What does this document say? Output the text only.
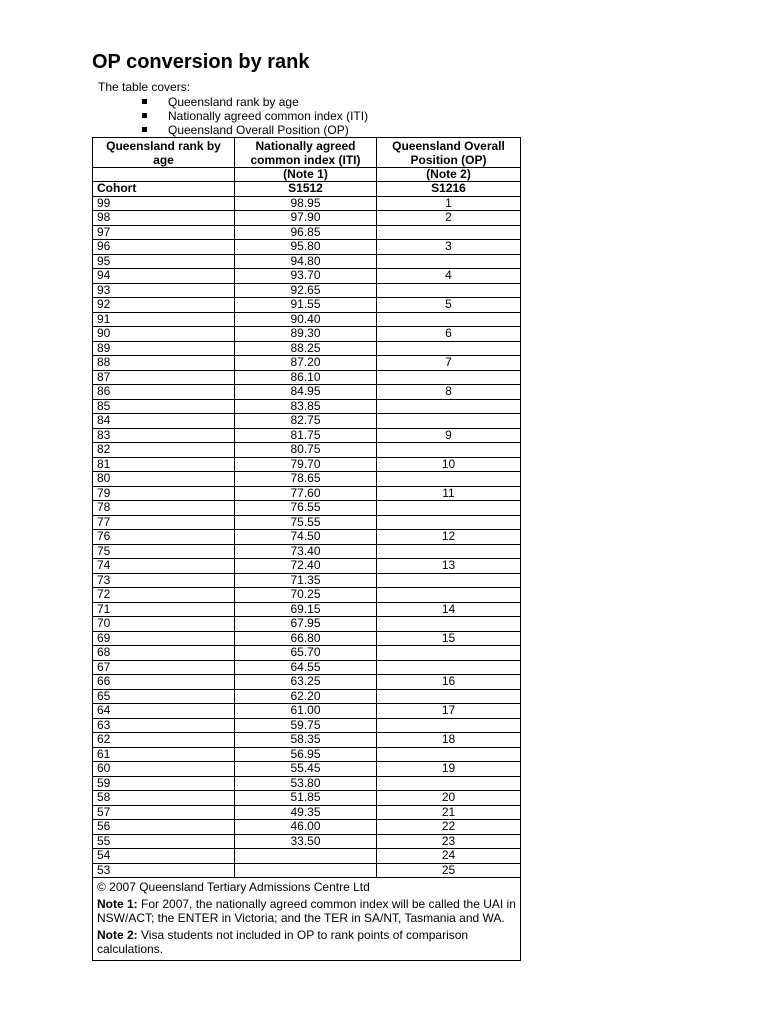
OP conversion by rank
The table covers:
Queensland rank by age
Nationally agreed common index (ITI)
Queensland Overall Position (OP)
Queensland rank by age	Nationally agreed common index (ITI)	Queensland Overall Position (OP)
	(Note 1)	(Note 2)
Cohort	S1512	S1216
99	98.95	1
98	97.90	2
97	96.85	
96	95.80	3
95	94.80	
94	93.70	4
93	92.65	
92	91.55	5
91	90.40	
90	89.30	6
89	88.25	
88	87.20	7
87	86.10	
86	84.95	8
85	83.85	
84	82.75	
83	81.75	9
82	80.75	
81	79.70	10
80	78.65	
79	77.60	11
78	76.55	
77	75.55	
76	74.50	12
75	73.40	
74	72.40	13
73	71.35	
72	70.25	
71	69.15	14
70	67.95	
69	66.80	15
68	65.70	
67	64.55	
66	63.25	16
65	62.20	
64	61.00	17
63	59.75	
62	58.35	18
61	56.95	
60	55.45	19
59	53.80	
58	51.85	20
57	49.35	21
56	46.00	22
55	33.50	23
54		24
53		25

© 2007 Queensland Tertiary Admissions Centre Ltd
Note 1: For 2007, the nationally agreed common index will be called the UAI in NSW/ACT; the ENTER in Victoria; and the TER in SA/NT, Tasmania and WA.
Note 2: Visa students not included in OP to rank points of comparison calculations.		
